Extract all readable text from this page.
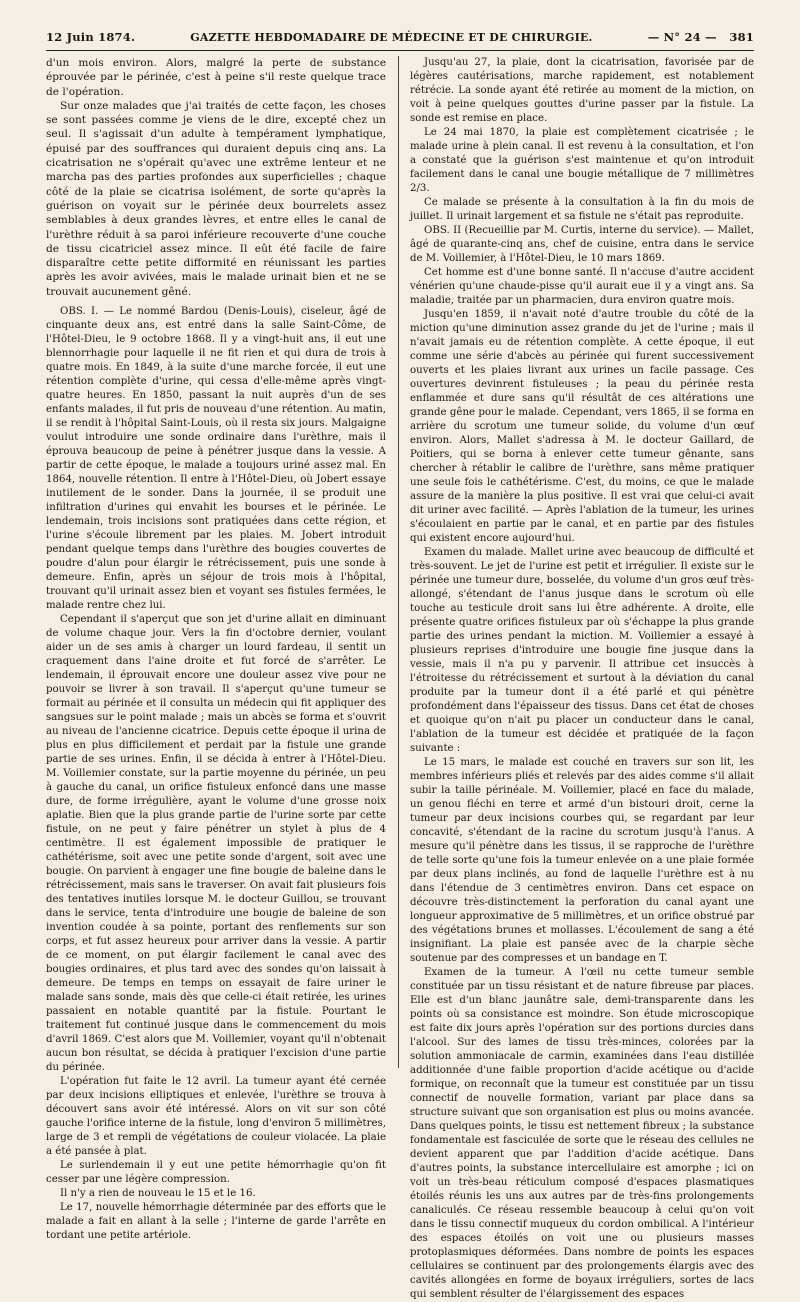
12 Juin 1874.	GAZETTE HEBDOMADAIRE DE MÉDECINE ET DE CHIRURGIE.	— N° 24 — 381

d'un mois environ. Alors, malgré la perte de substance éprouvée par le périnée, c'est à peine s'il reste quelque trace de l'opération.

Sur onze malades que j'ai traités de cette façon, les choses se sont passées comme je viens de le dire, excepté chez un seul. Il s'agissait d'un adulte à tempérament lymphatique, épuisé par des souffrances qui duraient depuis cinq ans. La cicatrisation ne s'opérait qu'avec une extrême lenteur et ne marcha pas des parties profondes aux superficielles ; chaque côté de la plaie se cicatrisa isolément, de sorte qu'après la guérison on voyait sur le périnée deux bourrelets assez semblables à deux grandes lèvres, et entre elles le canal de l'urèthre réduit à sa paroi inférieure recouverte d'une couche de tissu cicatriciel assez mince. Il eût été facile de faire disparaître cette petite difformité en réunissant les parties après les avoir avivées, mais le malade urinait bien et ne se trouvait aucunement gêné.

OBS. I. — Le nommé Bardou (Denis-Louis), ciseleur, âgé de cinquante deux ans, est entré dans la salle Saint-Côme, de l'Hôtel-Dieu, le 9 octobre 1868. Il y a vingt-huit ans, il eut une blennorrhagie pour laquelle il ne fit rien et qui dura de trois à quatre mois. En 1849, à la suite d'une marche forcée, il eut une rétention complète d'urine, qui cessa d'elle-même après vingt-quatre heures. En 1850, passant la nuit auprès d'un de ses enfants malades, il fut pris de nouveau d'une rétention. Au matin, il se rendit à l'hôpital Saint-Louis, où il resta six jours. Malgaigne voulut introduire une sonde ordinaire dans l'urèthre, mais il éprouva beaucoup de peine à pénétrer jusque dans la vessie. A partir de cette époque, le malade a toujours uriné assez mal. En 1864, nouvelle rétention. Il entre à l'Hôtel-Dieu, où Jobert essaye inutilement de le sonder. Dans la journée, il se produit une infiltration d'urines qui envahit les bourses et le périnée. Le lendemain, trois incisions sont pratiquées dans cette région, et l'urine s'écoule librement par les plaies. M. Jobert introduit pendant quelque temps dans l'urèthre des bougies couvertes de poudre d'alun pour élargir le rétrécissement, puis une sonde à demeure. Enfin, après un séjour de trois mois à l'hôpital, trouvant qu'il urinait assez bien et voyant ses fistules fermées, le malade rentre chez lui.

Cependant il s'aperçut que son jet d'urine allait en diminuant de volume chaque jour. Vers la fin d'octobre dernier, voulant aider un de ses amis à charger un lourd fardeau, il sentit un craquement dans l'aine droite et fut forcé de s'arrêter. Le lendemain, il éprouvait encore une douleur assez vive pour ne pouvoir se livrer à son travail. Il s'aperçut qu'une tumeur se formait au périnée et il consulta un médecin qui fit appliquer des sangsues sur le point malade ; mais un abcès se forma et s'ouvrit au niveau de l'ancienne cicatrice. Depuis cette époque il urina de plus en plus difficilement et perdait par la fistule une grande partie de ses urines. Enfin, il se décida à entrer à l'Hôtel-Dieu. M. Voillemier constate, sur la partie moyenne du périnée, un peu à gauche du canal, un orifice fistuleux enfoncé dans une masse dure, de forme irrégulière, ayant le volume d'une grosse noix aplatie. Bien que la plus grande partie de l'urine sorte par cette fistule, on ne peut y faire pénétrer un stylet à plus de 4 centimètre. Il est également impossible de pratiquer le cathétérisme, soit avec une petite sonde d'argent, soit avec une bougie. On parvient à engager une fine bougie de baleine dans le rétrécissement, mais sans le traverser. On avait fait plusieurs fois des tentatives inutiles lorsque M. le docteur Guillou, se trouvant dans le service, tenta d'introduire une bougie de baleine de son invention coudée à sa pointe, portant des renflements sur son corps, et fut assez heureux pour arriver dans la vessie. A partir de ce moment, on put élargir facilement le canal avec des bougies ordinaires, et plus tard avec des sondes qu'on laissait à demeure. De temps en temps on essayait de faire uriner le malade sans sonde, mais dès que celle-ci était retirée, les urines passaient en notable quantité par la fistule. Pourtant le traitement fut continué jusque dans le commencement du mois d'avril 1869. C'est alors que M. Voillemier, voyant qu'il n'obtenait aucun bon résultat, se décida à pratiquer l'excision d'une partie du périnée.

L'opération fut faite le 12 avril. La tumeur ayant été cernée par deux incisions elliptiques et enlevée, l'urèthre se trouva à découvert sans avoir été intéressé. Alors on vit sur son côté gauche l'orifice interne de la fistule, long d'environ 5 millimètres, large de 3 et rempli de végétations de couleur violacée. La plaie a été pansée à plat.

Le surlendemain il y eut une petite hémorrhagie qu'on fit cesser par une légère compression.

Il n'y a rien de nouveau le 15 et le 16.

Le 17, nouvelle hémorrhagie déterminée par des efforts que le malade a fait en allant à la selle ; l'interne de garde l'arrête en tordant une petite artériole.

Jusqu'au 27, la plaie, dont la cicatrisation, favorisée par de légères cautérisations, marche rapidement, est notablement rétrécie. La sonde ayant été retirée au moment de la miction, on voit à peine quelques gouttes d'urine passer par la fistule. La sonde est remise en place.

Le 24 mai 1870, la plaie est complètement cicatrisée ; le malade urine à plein canal. Il est revenu à la consultation, et l'on a constaté que la guérison s'est maintenue et qu'on introduit facilement dans le canal une bougie métallique de 7 millimètres 2/3.

Ce malade se présente à la consultation à la fin du mois de juillet. Il urinait largement et sa fistule ne s'était pas reproduite.

OBS. II (Recueillie par M. Curtis, interne du service). — Mallet, âgé de quarante-cinq ans, chef de cuisine, entra dans le service de M. Voillemier, à l'Hôtel-Dieu, le 10 mars 1869.

Cet homme est d'une bonne santé. Il n'accuse d'autre accident vénérien qu'une chaude-pisse qu'il aurait eue il y a vingt ans. Sa maladie, traitée par un pharmacien, dura environ quatre mois.

Jusqu'en 1859, il n'avait noté d'autre trouble du côté de la miction qu'une diminution assez grande du jet de l'urine ; mais il n'avait jamais eu de rétention complète. A cette époque, il eut comme une série d'abcès au périnée qui furent successivement ouverts et les plaies livrant aux urines un facile passage. Ces ouvertures devinrent fistuleuses ; la peau du périnée resta enflammée et dure sans qu'il résultât de ces altérations une grande gêne pour le malade. Cependant, vers 1865, il se forma en arrière du scrotum une tumeur solide, du volume d'un œuf environ. Alors, Mallet s'adressa à M. le docteur Gaillard, de Poitiers, qui se borna à enlever cette tumeur gênante, sans chercher à rétablir le calibre de l'urèthre, sans même pratiquer une seule fois le cathétérisme. C'est, du moins, ce que le malade assure de la manière la plus positive. Il est vrai que celui-ci avait dit uriner avec facilité. — Après l'ablation de la tumeur, les urines s'écoulaient en partie par le canal, et en partie par des fistules qui existent encore aujourd'hui.

Examen du malade. Mallet urine avec beaucoup de difficulté et très-souvent. Le jet de l'urine est petit et irrégulier. Il existe sur le périnée une tumeur dure, bosselée, du volume d'un gros œuf très-allongé, s'étendant de l'anus jusque dans le scrotum où elle touche au testicule droit sans lui être adhérente. A droite, elle présente quatre orifices fistuleux par où s'échappe la plus grande partie des urines pendant la miction. M. Voillemier a essayé à plusieurs reprises d'introduire une bougie fine jusque dans la vessie, mais il n'a pu y parvenir. Il attribue cet insuccès à l'étroitesse du rétrécissement et surtout à la déviation du canal produite par la tumeur dont il a été parlé et qui pénètre profondément dans l'épaisseur des tissus. Dans cet état de choses et quoique qu'on n'ait pu placer un conducteur dans le canal, l'ablation de la tumeur est décidée et pratiquée de la façon suivante :

Le 15 mars, le malade est couché en travers sur son lit, les membres inférieurs pliés et relevés par des aides comme s'il allait subir la taille périnéale. M. Voillemier, placé en face du malade, un genou fléchi en terre et armé d'un bistouri droit, cerne la tumeur par deux incisions courbes qui, se regardant par leur concavité, s'étendant de la racine du scrotum jusqu'à l'anus. A mesure qu'il pénètre dans les tissus, il se rapproche de l'urèthre de telle sorte qu'une fois la tumeur enlevée on a une plaie formée par deux plans inclinés, au fond de laquelle l'urèthre est à nu dans l'étendue de 3 centimètres environ. Dans cet espace on découvre très-distinctement la perforation du canal ayant une longueur approximative de 5 millimètres, et un orifice obstrué par des végétations brunes et mollasses. L'écoulement de sang a été insignifiant. La plaie est pansée avec de la charpie sèche soutenue par des compresses et un bandage en T.

Examen de la tumeur. A l'œil nu cette tumeur semble constituée par un tissu résistant et de nature fibreuse par places. Elle est d'un blanc jaunâtre sale, demi-transparente dans les points où sa consistance est moindre. Son étude microscopique est faite dix jours après l'opération sur des portions durcies dans l'alcool. Sur des lames de tissu très-minces, colorées par la solution ammoniacale de carmin, examinées dans l'eau distillée additionnée d'une faible proportion d'acide acétique ou d'acide formique, on reconnaît que la tumeur est constituée par un tissu connectif de nouvelle formation, variant par place dans sa structure suivant que son organisation est plus ou moins avancée. Dans quelques points, le tissu est nettement fibreux ; la substance fondamentale est fasciculée de sorte que le réseau des cellules ne devient apparent que par l'addition d'acide acétique. Dans d'autres points, la substance intercellulaire est amorphe ; ici on voit un très-beau réticulum composé d'espaces plasmatiques étoilés réunis les uns aux autres par de très-fins prolongements canaliculés. Ce réseau ressemble beaucoup à celui qu'on voit dans le tissu connectif muqueux du cordon ombilical. A l'intérieur des espaces étoilés on voit une ou plusieurs masses protoplasmiques déformées. Dans nombre de points les espaces cellulaires se continuent par des prolongements élargis avec des cavités allongées en forme de boyaux irréguliers, sortes de lacs qui semblent résulter de l'élargissement des espaces
